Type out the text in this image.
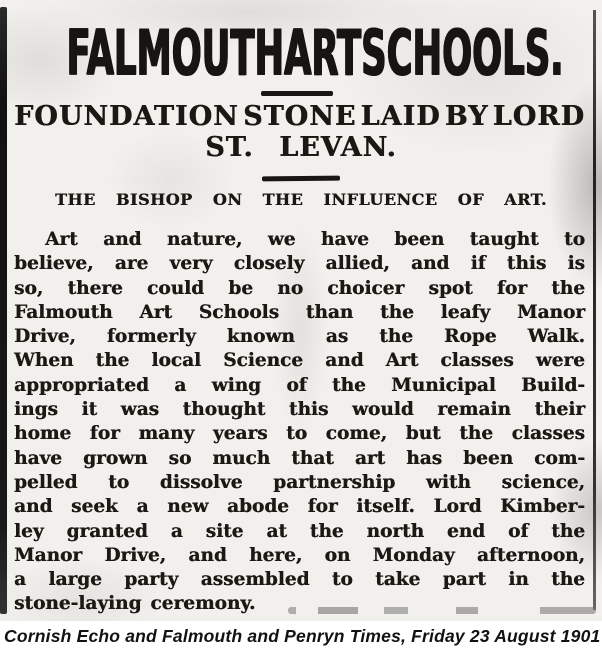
FALMOUTH ART SCHOOLS.
FOUNDATION STONE LAID BY LORD
ST. LEVAN.
THE BISHOP ON THE INFLUENCE OF ART.
Art and nature, we have been taught to
believe, are very closely allied, and if this is
so, there could be no choicer spot for the
Falmouth Art Schools than the leafy Manor
Drive, formerly known as the Rope Walk.
When the local Science and Art classes were
appropriated a wing of the Municipal Build-
ings it was thought this would remain their
home for many years to come, but the classes
have grown so much that art has been com-
pelled to dissolve partnership with science,
and seek a new abode for itself. Lord Kimber-
ley granted a site at the north end of the
Manor Drive, and here, on Monday afternoon,
a large party assembled to take part in the
stone-laying ceremony.
Cornish Echo and Falmouth and Penryn Times, Friday 23 August 1901
